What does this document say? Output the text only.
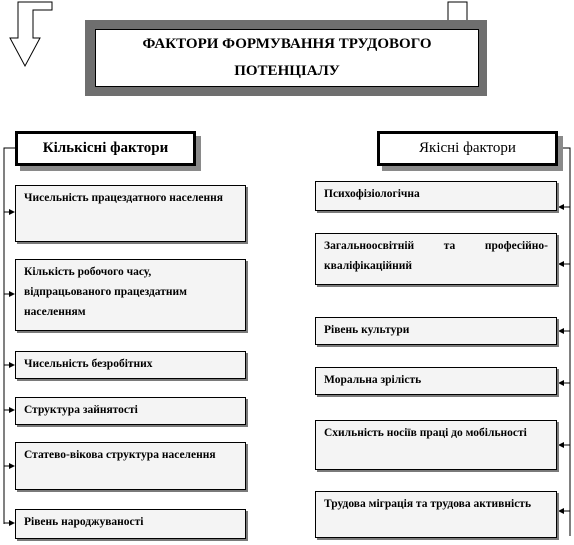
ФАКТОРИ ФОРМУВАННЯ ТРУДОВОГО ПОТЕНЦІАЛУ
Кількісні фактори	Якісні фактори
Чисельність працездатного населення
Кількість робочого часу, відпрацьованого працездатним населенням
Чисельність безробітних
Структура зайнятості
Статево-вікова структура населення
Рівень народжуваності
Психофізіологічна
Загальноосвітній та професійно-кваліфікаційний
Рівень культури
Моральна зрілість
Схильність носіїв праці до мобільності
Трудова міграція та трудова активність
